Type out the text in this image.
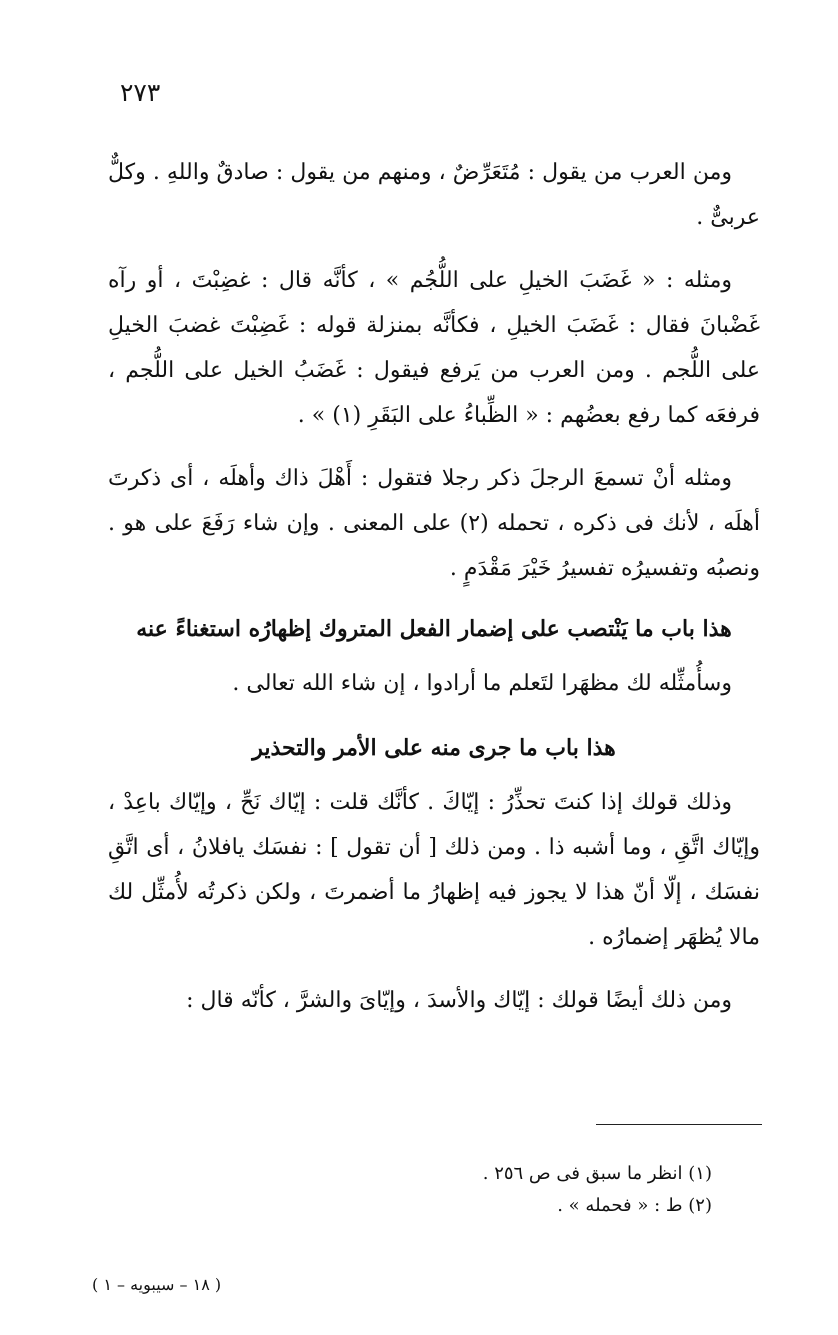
٢٧٣

ومن العرب من يقول : مُتَعَرِّضٌ ، ومنهم من يقول : صادقٌ واللهِ . وكلٌّ عربىٌّ .

ومثله : « غَضَبَ الخيلِ على اللُّجُم » ، كأنَّه قال : غضِبْتَ ، أو رآه غَضْبانَ فقال : غَضَبَ الخيلِ ، فكأنَّه بمنزلة قوله : غَضِبْتَ غضبَ الخيلِ على اللُّجم . ومن العرب من يَرفع فيقول : غَضَبُ الخيل على اللُّجم ، فرفعَه كما رفع بعضُهم : « الظِّباءُ على البَقَرِ (١) » .

ومثله أنْ تسمعَ الرجلَ ذكر رجلا فتقول : أَهْلَ ذاك وأهلَه ، أى ذكرتَ أهلَه ، لأنك فى ذكره ، تحمله (٢) على المعنى . وإن شاء رَفَعَ على هو . ونصبُه وتفسيرُه تفسيرُ خَيْرَ مَقْدَمٍ .

هذا باب ما يَنْتصب على إضمار الفعل المتروك إظهارُه استغناءً عنه

وسأُمثِّله لك مظهَرا لتَعلم ما أرادوا ، إن شاء الله تعالى .

هذا باب ما جرى منه على الأمر والتحذير

وذلك قولك إذا كنتَ تحذِّرُ : إيّاكَ . كأنَّك قلت : إيّاك نَحِّ ، وإيّاك باعِدْ ، وإيّاك اتَّقِ ، وما أشبه ذا . ومن ذلك [ أن تقول ] : نفسَك يافلانُ ، أى اتَّقِ نفسَك ، إلّا أنّ هذا لا يجوز فيه إظهارُ ما أضمرتَ ، ولكن ذكرتُه لأُمثِّل لك مالا يُظهَر إضمارُه .

ومن ذلك أيضًا قولك : إيّاك والأسدَ ، وإيّاىَ والشرَّ ، كأنّه قال :

(١) انظر ما سبق فى ص ٢٥٦ .

(٢) ط : « فحمله » .

( ١٨ – سيبويه – ١ )
